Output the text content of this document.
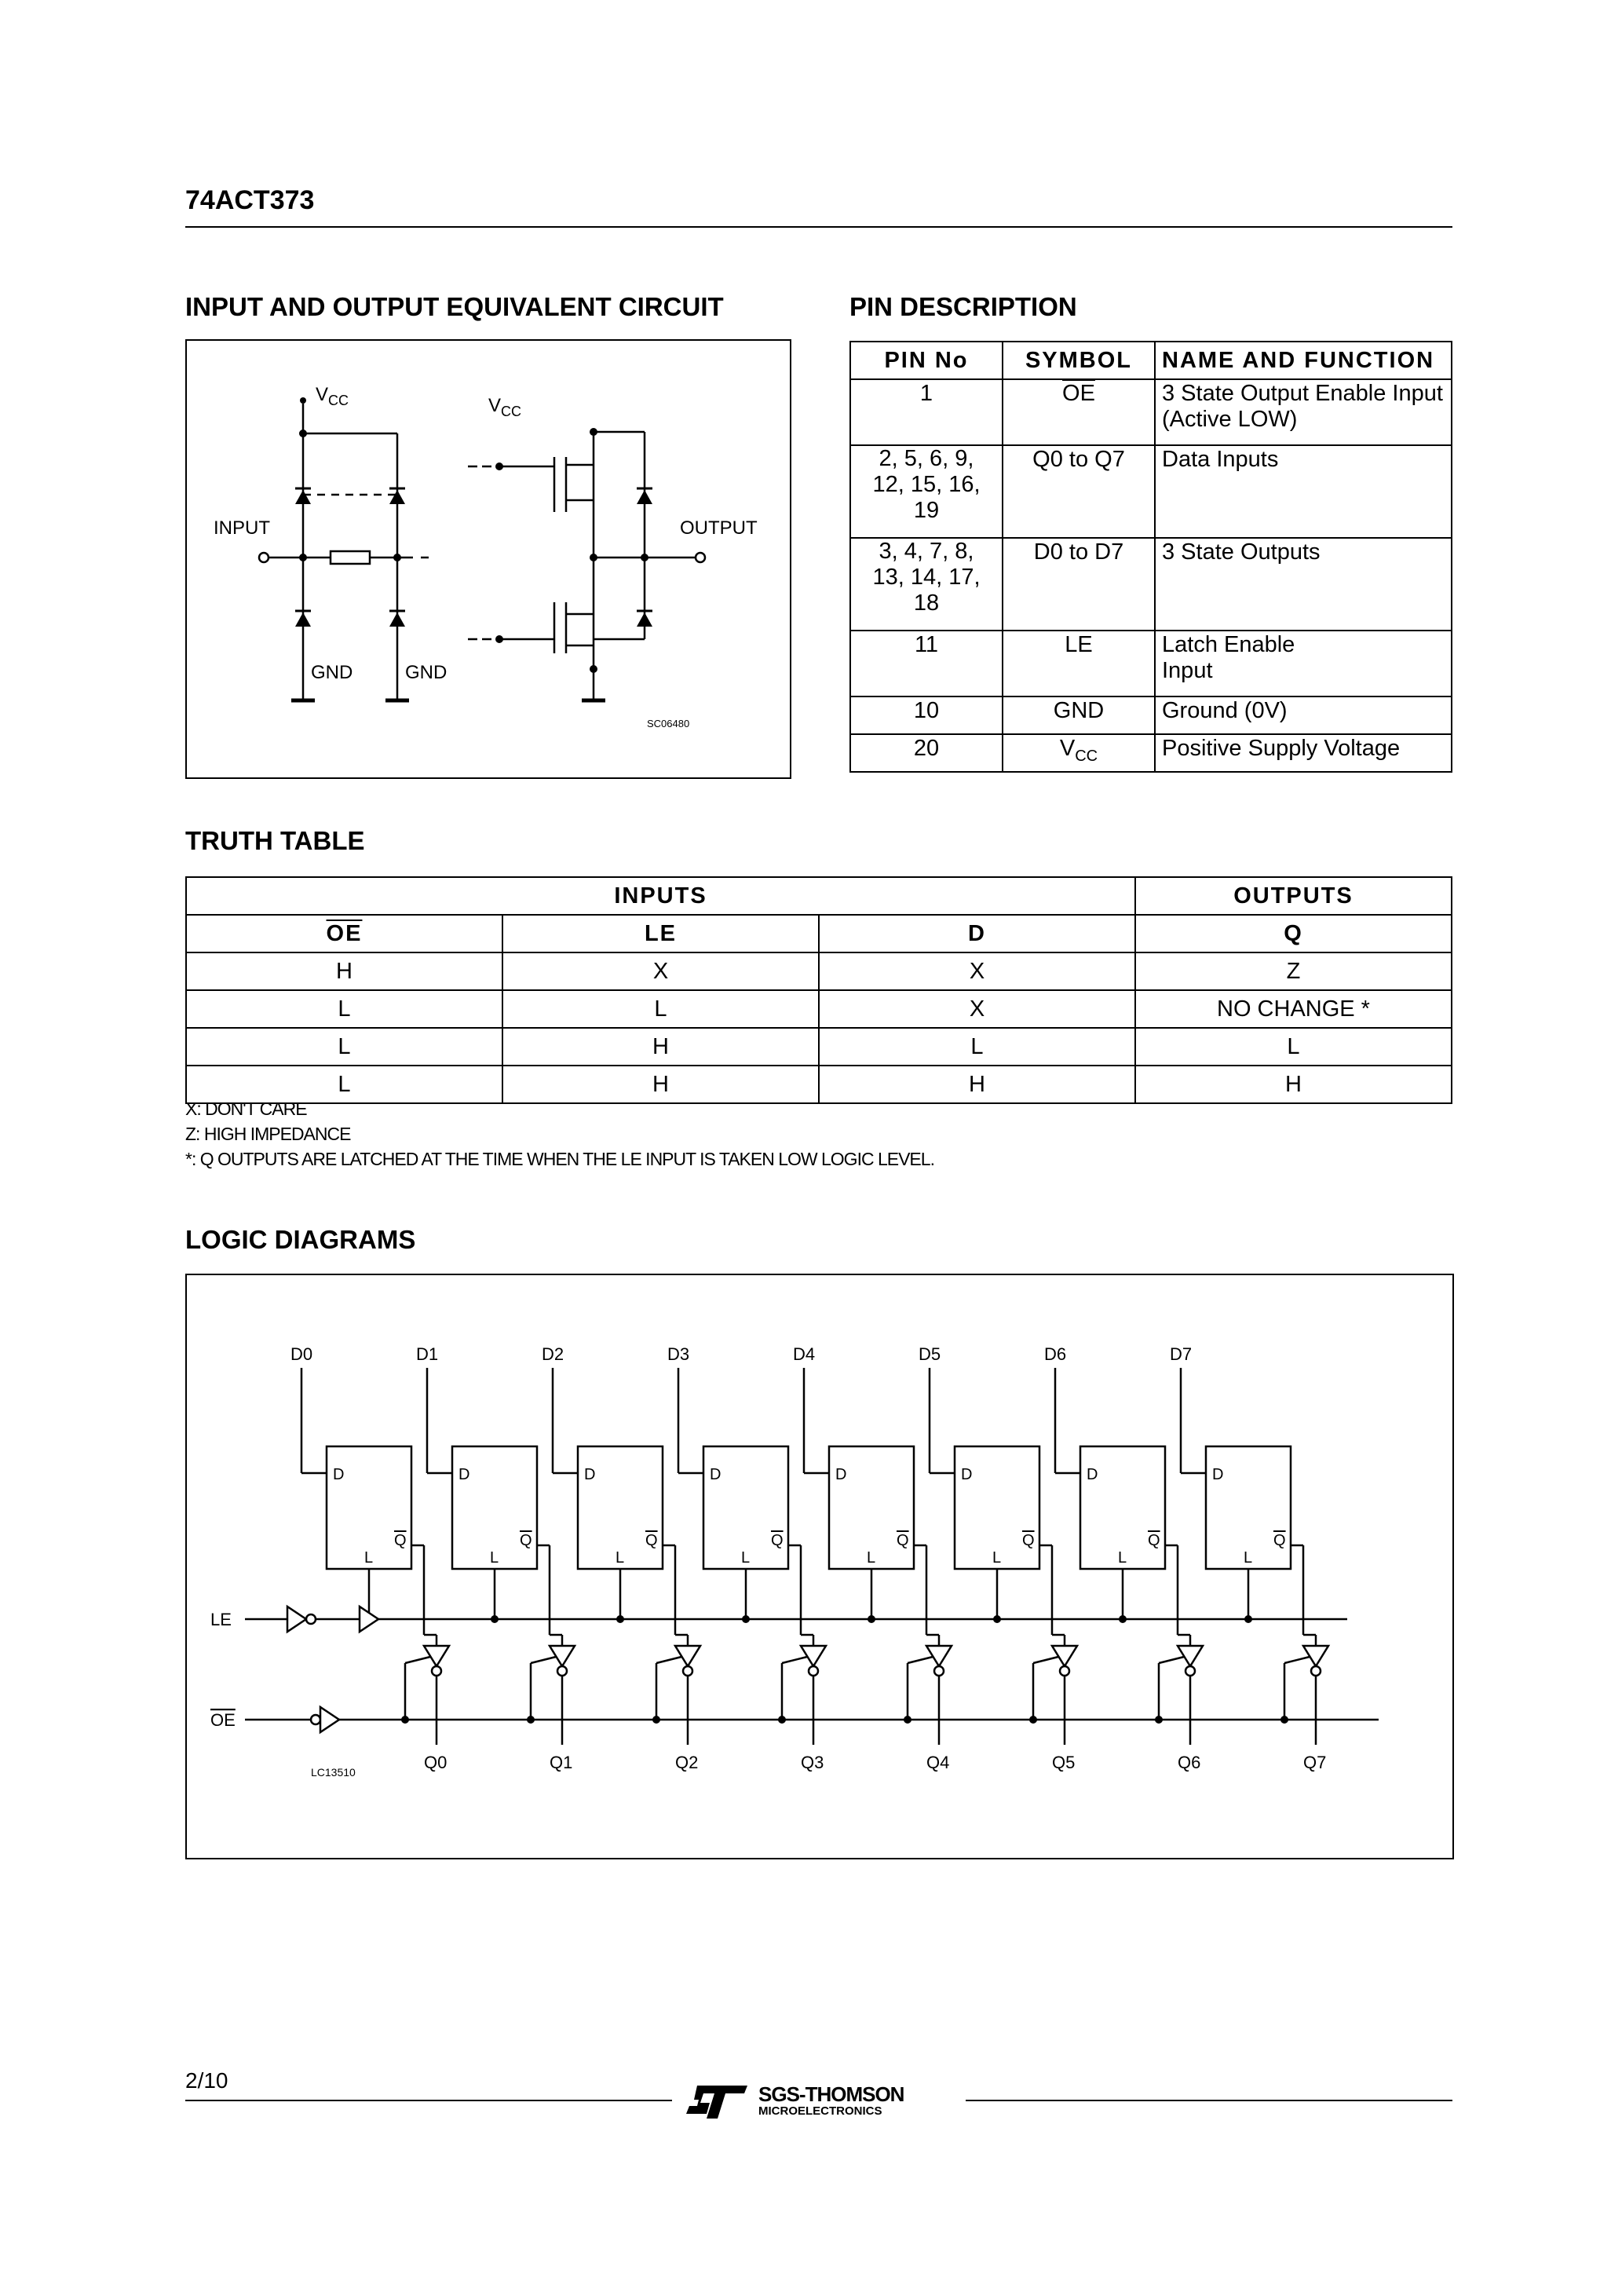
74ACT373
INPUT AND OUTPUT EQUIVALENT CIRCUIT	PIN DESCRIPTION
$V_{CC}$	$V_{CC}$
INPUT	OUTPUT
GND	GND
SC06480
PIN No	SYMBOL	NAME AND FUNCTION
1	$\overline{OE}$	3 State Output Enable Input (Active LOW)
2, 5, 6, 9, 12, 15, 16, 19	Q0 to Q7	Data Inputs
3, 4, 7, 8, 13, 14, 17, 18	D0 to D7	3 State Outputs
11	LE	Latch Enable Input
10	GND	Ground (0V)
20	$V_{CC}$	Positive Supply Voltage
TRUTH TABLE
INPUTS			OUTPUTS
$\overline{OE}$	LE	D	Q
H	X	X	Z
L	L	X	NO CHANGE *
L	H	L	L
L	H	H	H
X: DON'T CARE
Z: HIGH IMPEDANCE
*: Q OUTPUTS ARE LATCHED AT THE TIME WHEN THE LE INPUT IS TAKEN LOW LOGIC LEVEL.
LOGIC DIAGRAMS
D0
D
L
Q
Q0
D1
D
L
Q
Q1
D2
D
L
Q
Q2
D3
D
L
Q
Q3
D4
D
L
Q
Q4
D5
D
L
Q
Q5
D6
D
L
Q
Q6
D7
D
L
Q
Q7
LE
OE
LC13510
2/10
SGS-THOMSON
MICROELECTRONICS
